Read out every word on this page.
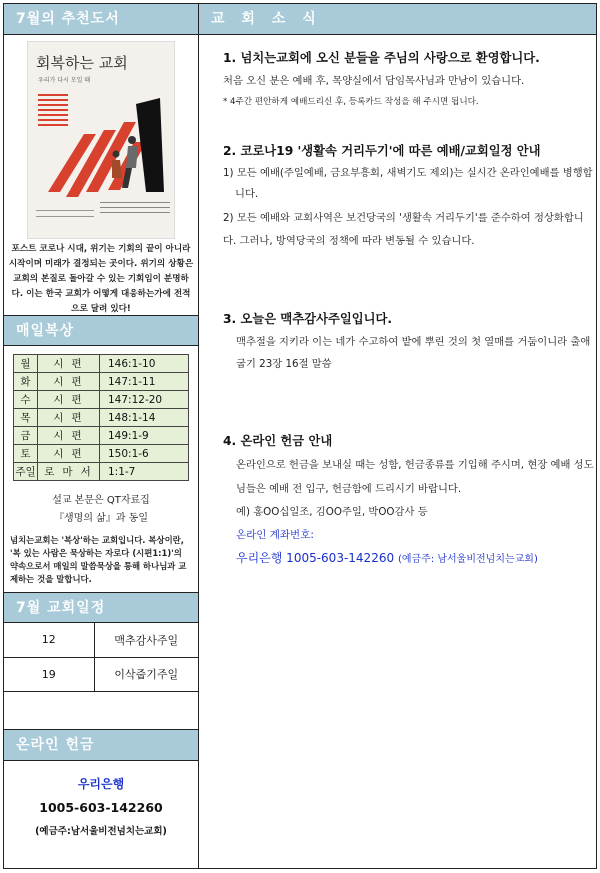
7월의 추천도서
회복하는 교회
우리가 다시 모일 때
포스트 코로나 시대, 위기는 기회의 끝이 아니라 시작이며 미래가 결정되는 곳이다. 위기의 상황은 교회의 본질로 돌아갈 수 있는 기회임이 분명하다. 이는 한국 교회가 어떻게 대응하는가에 전적으로 달려 있다!
매일복상
월	시편	146:1-10
화	시편	147:1-11
수	시편	147:12-20
목	시편	148:1-14
금	시편	149:1-9
토	시편	150:1-6
주일	로마서	1:1-7
설교 본문은 QT자료집
『생명의 삶』과 동일
넘치는교회는 '복상'하는 교회입니다. 복상이란, '복 있는 사람은 묵상하는 자로다 (시편1:1)'의 약속으로서 매일의 말씀묵상을 통해 하나님과 교제하는 것을 말합니다.
7월 교회일정
12	맥추감사주일
19	이삭줍기주일
온라인 헌금
우리은행
1005-603-142260
(예금주:남서울비전넘치는교회)
교 회 소 식
1. 넘치는교회에 오신 분들을 주님의 사랑으로 환영합니다.
처음 오신 분은 예배 후, 목양실에서 담임목사님과 만남이 있습니다.
* 4주간 편안하게 예배드리신 후, 등록카드 작성을 해 주시면 됩니다.
2. 코로나19 '생활속 거리두기'에 따른 예배/교회일정 안내
1) 모든 예배(주일예배, 금요부흥회, 새벽기도 제외)는 실시간 온라인예배를 병행합니다.
2) 모든 예배와 교회사역은 보건당국의 '생활속 거리두기'를 준수하여 정상화합니다. 그러나, 방역당국의 정책에 따라 변동될 수 있습니다.
3. 오늘은 맥추감사주일입니다.
맥추절을 지키라 이는 네가 수고하여 밭에 뿌린 것의 첫 열매를 거둠이니라 출애굽기 23장 16절 말씀
4. 온라인 헌금 안내
온라인으로 헌금을 보내실 때는 성함, 헌금종류를 기입해 주시며, 현장 예배 성도님들은 예배 전 입구, 헌금함에 드리시기 바랍니다.
예) 홍OO십일조, 김OO주일, 박OO감사 등
온라인 계좌번호:
우리은행 1005-603-142260 (예금주: 남서울비전넘치는교회)
